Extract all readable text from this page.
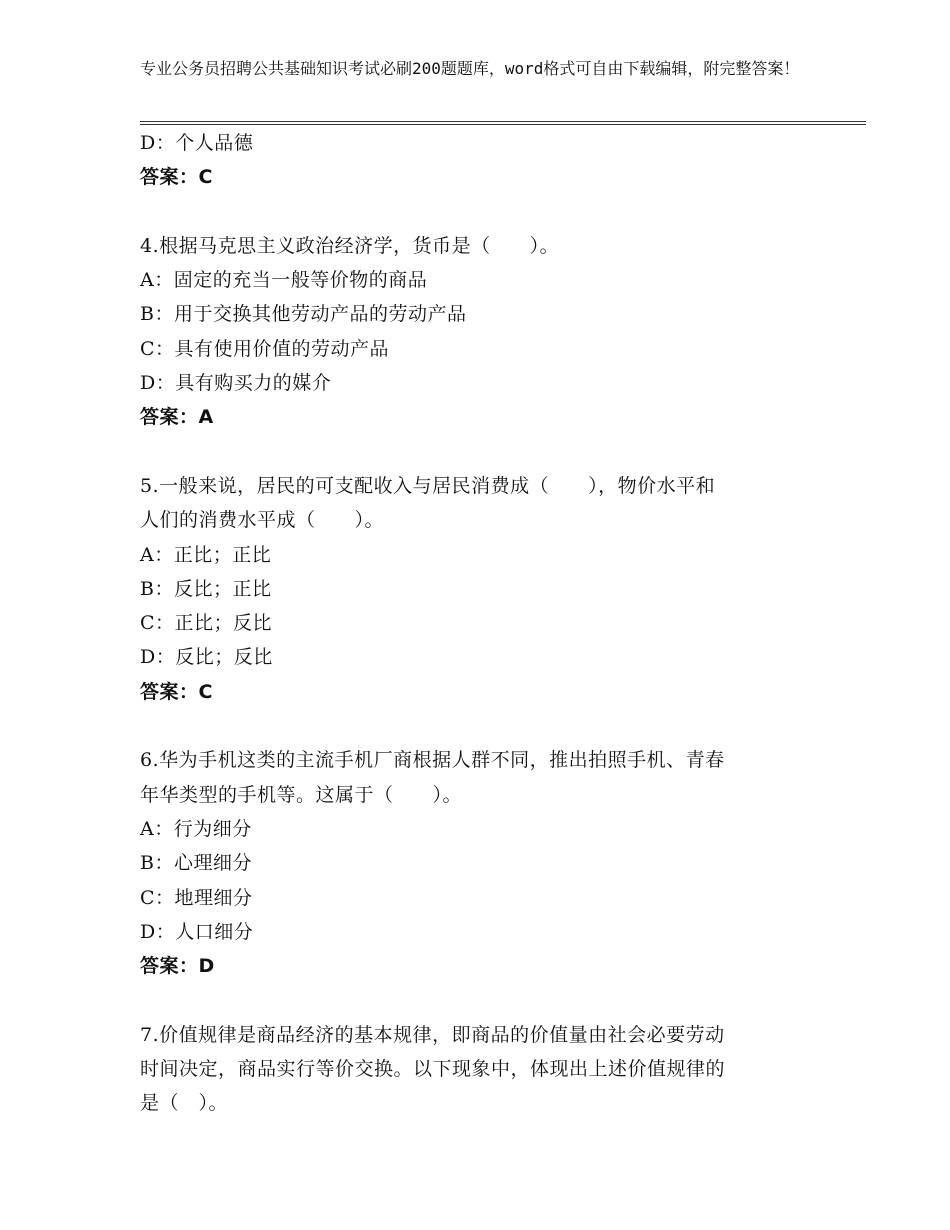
专业公务员招聘公共基础知识考试必刷200题题库，word格式可自由下载编辑，附完整答案！
D：个人品德
答案：C
4.根据马克思主义政治经济学，货币是（　　）。
A：固定的充当一般等价物的商品
B：用于交换其他劳动产品的劳动产品
C：具有使用价值的劳动产品
D：具有购买力的媒介
答案：A
5.一般来说，居民的可支配收入与居民消费成（　　），物价水平和
人们的消费水平成（　　）。
A：正比；正比
B：反比；正比
C：正比；反比
D：反比；反比
答案：C
6.华为手机这类的主流手机厂商根据人群不同，推出拍照手机、青春
年华类型的手机等。这属于（　　）。
A：行为细分
B：心理细分
C：地理细分
D：人口细分
答案：D
7.价值规律是商品经济的基本规律，即商品的价值量由社会必要劳动
时间决定，商品实行等价交换。以下现象中，体现出上述价值规律的
是（　）。
